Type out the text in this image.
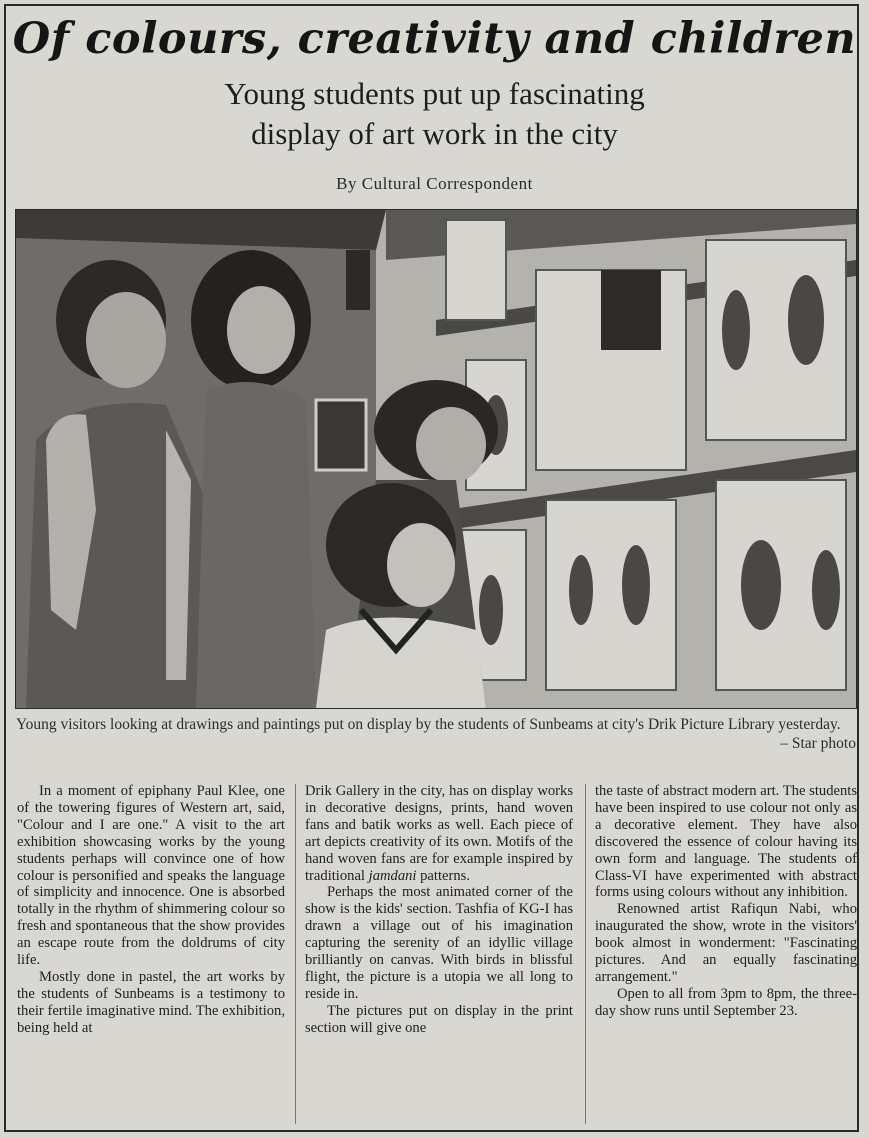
Of colours, creativity and children
Young students put up fascinating
display of art work in the city
By Cultural Correspondent
Young visitors looking at drawings and paintings put on display by the students of Sunbeams at city's Drik Picture Library yesterday.
– Star photo

In a moment of epiphany Paul Klee, one of the towering figures of Western art, said, "Colour and I are one." A visit to the art exhibition showcasing works by the young students perhaps will convince one of how colour is personified and speaks the language of simplicity and innocence. One is absorbed totally in the rhythm of shimmering colour so fresh and spontaneous that the show provides an escape route from the doldrums of city life.

Mostly done in pastel, the art works by the students of Sunbeams is a testimony to their fertile imaginative mind. The exhibition, being held at

Drik Gallery in the city, has on display works in decorative designs, prints, hand woven fans and batik works as well. Each piece of art depicts creativity of its own. Motifs of the hand woven fans are for example inspired by traditional jamdani patterns.

Perhaps the most animated corner of the show is the kids' section. Tashfia of KG-I has drawn a village out of his imagination capturing the serenity of an idyllic village brilliantly on canvas. With birds in blissful flight, the picture is a utopia we all long to reside in.

The pictures put on display in the print section will give one

the taste of abstract modern art. The students have been inspired to use colour not only as a decorative element. They have also discovered the essence of colour having its own form and language. The students of Class-VI have experimented with abstract forms using colours without any inhibition.

Renowned artist Rafiqun Nabi, who inaugurated the show, wrote in the visitors' book almost in wonderment: "Fascinating pictures. And an equally fascinating arrangement."

Open to all from 3pm to 8pm, the three-day show runs until September 23.
